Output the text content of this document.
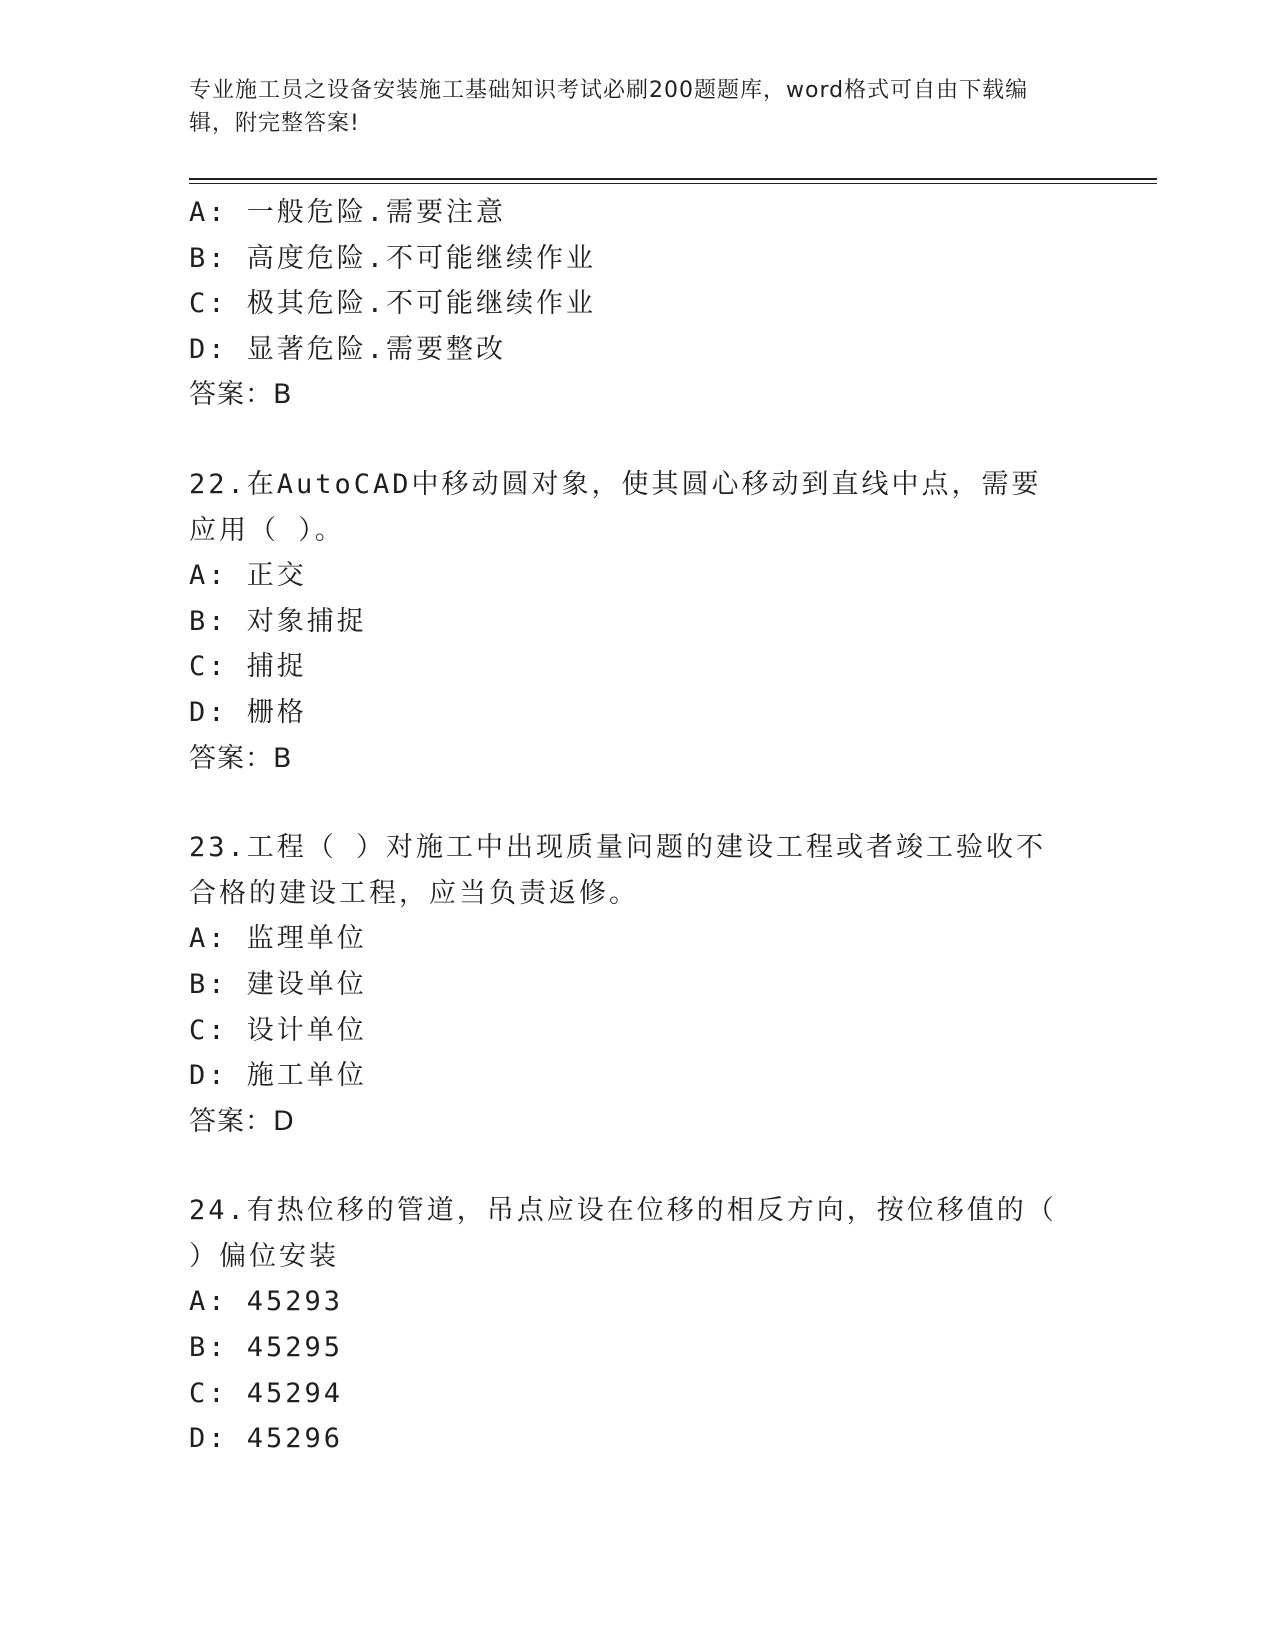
专业施工员之设备安装施工基础知识考试必刷200题题库，word格式可自由下载编辑，附完整答案!
A: 一般危险.需要注意
B: 高度危险.不可能继续作业
C: 极其危险.不可能继续作业
D: 显著危险.需要整改
答案：B
22.在AutoCAD中移动圆对象，使其圆心移动到直线中点，需要应用（ ）。
A: 正交
B: 对象捕捉
C: 捕捉
D: 栅格
答案：B
23.工程（ ）对施工中出现质量问题的建设工程或者竣工验收不合格的建设工程，应当负责返修。
A: 监理单位
B: 建设单位
C: 设计单位
D: 施工单位
答案：D
24.有热位移的管道，吊点应设在位移的相反方向，按位移值的（ ）偏位安装
A: 45293
B: 45295
C: 45294
D: 45296
